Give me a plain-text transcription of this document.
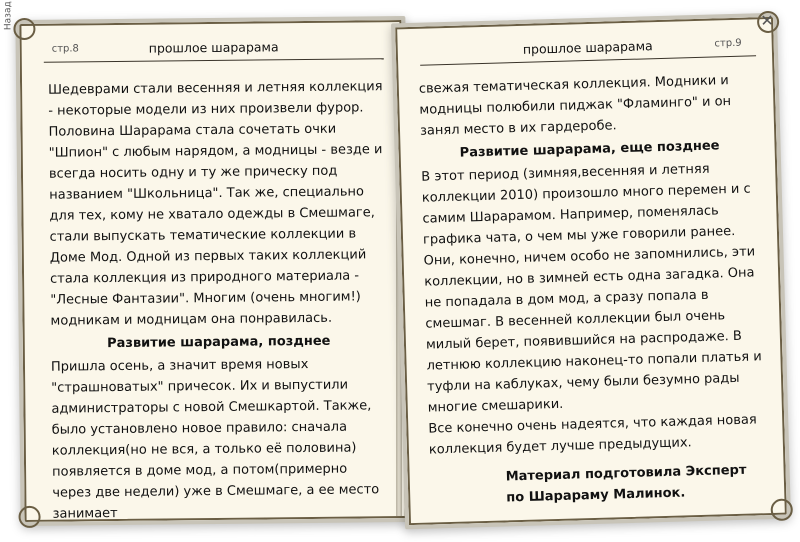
Назад
стр.8	прошлое шарарама

Шедеврами стали весенняя и летняя коллекция - некоторые модели из них произвели фурор. Половина Шарарама стала сочетать очки "Шпион" с любым нарядом, а модницы - везде и всегда носить одну и ту же прическу под названием "Школьница". Так же, специально для тех, кому не хватало одежды в Смешмаге, стали выпускать тематические коллекции в Доме Мод. Одной из первых таких коллекций стала коллекция из природного материала - "Лесные Фантазии". Многим (очень многим!) модникам и модницам она понравилась.

Развитие шарарама, позднее

Пришла осень, а значит время новых "страшноватых" причесок. Их и выпустили администраторы с новой Смешкартой. Также, было установлено новое правило: сначала коллекция(но не вся, а только её половина) появляется в доме мод, а потом(примерно через две недели) уже в Смешмаге, а ее место занимает

✕
прошлое шарарама	стр.9

свежая тематическая коллекция. Модники и модницы полюбили пиджак "Фламинго" и он занял место в их гардеробе.

Развитие шарарама, еще позднее

В этот период (зимняя,весенняя и летняя коллекции 2010) произошло много перемен и с самим Шарарамом. Например, поменялась графика чата, о чем мы уже говорили ранее. Они, конечно, ничем особо не запомнились, эти коллекции, но в зимней есть одна загадка. Она не попадала в дом мод, а сразу попала в смешмаг. В весенней коллекции был очень милый берет, появившийся на распродаже. В летнюю коллекцию наконец-то попали платья и туфли на каблуках, чему были безумно рады многие смешарики.

Все конечно очень надеятся, что каждая новая коллекция будет лучше предыдущих.

Материал подготовила Эксперт по Шарараму Малинок.
